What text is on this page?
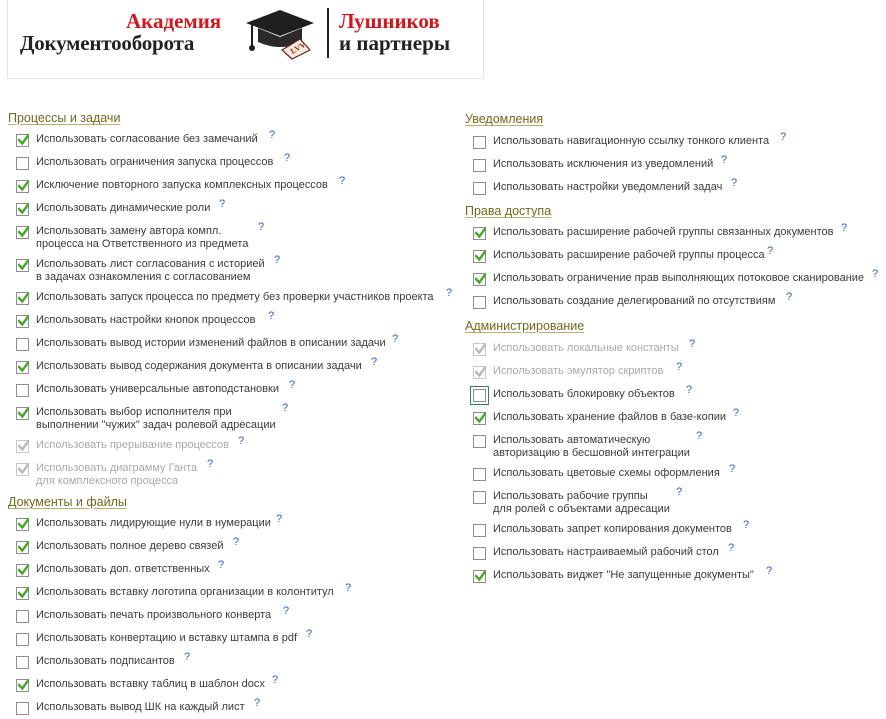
Академия
Документооборота	LVV
Лушников
и партнеры
Процессы и задачи
Документы и файлы
Уведомления
Права доступа
Администрирование
Использовать согласование без замечаний ?
Использовать ограничения запуска процессов ?
Исключение повторного запуска комплексных процессов ?
Использовать динамические роли ?
Использовать замену автора компл.
процесса на Ответственного из предмета
?
Использовать лист согласования с историей
в задачах ознакомления с согласованием
?
Использовать запуск процесса по предмету без проверки участников проекта ?
Использовать настройки кнопок процессов ?
Использовать вывод истории изменений файлов в описании задачи ?
Использовать вывод содержания документа в описании задачи ?
Использовать универсальные автоподстановки ?
Использовать выбор исполнителя при
выполнении "чужих" задач ролевой адресации
?
Использовать прерывание процессов ?
Использовать диаграмму Ганта
для комплексного процесса
?
Использовать лидирующие нули в нумерации ?
Использовать полное дерево связей ?
Использовать доп. ответственных ?
Использовать вставку логотипа организации в колонтитул ?
Использовать печать произвольного конверта ?
Использовать конвертацию и вставку штампа в pdf ?
Использовать подписантов ?
Использовать вставку таблиц в шаблон docx ?
Использовать вывод ШК на каждый лист ?
Использовать навигационную ссылку тонкого клиента ?
Использовать исключения из уведомлений ?
Использовать настройки уведомлений задач ?
Использовать расширение рабочей группы связанных документов ?
Использовать расширение рабочей группы процесса ?
Использовать ограничение прав выполняющих потоковое сканирование ?
Использовать создание делегирований по отсутствиям ?
Использовать локальные константы ?
Использовать эмулятор скриптов ?
Использовать блокировку объектов ?
Использовать хранение файлов в базе-копии ?
Использовать автоматическую
авторизацию в бесшовной интеграции
?
Использовать цветовые схемы оформления ?
Использовать рабочие группы
для ролей с объектами адресации
?
Использовать запрет копирования документов ?
Использовать настраиваемый рабочий стол ?
Использовать виджет "Не запущенные документы" ?
